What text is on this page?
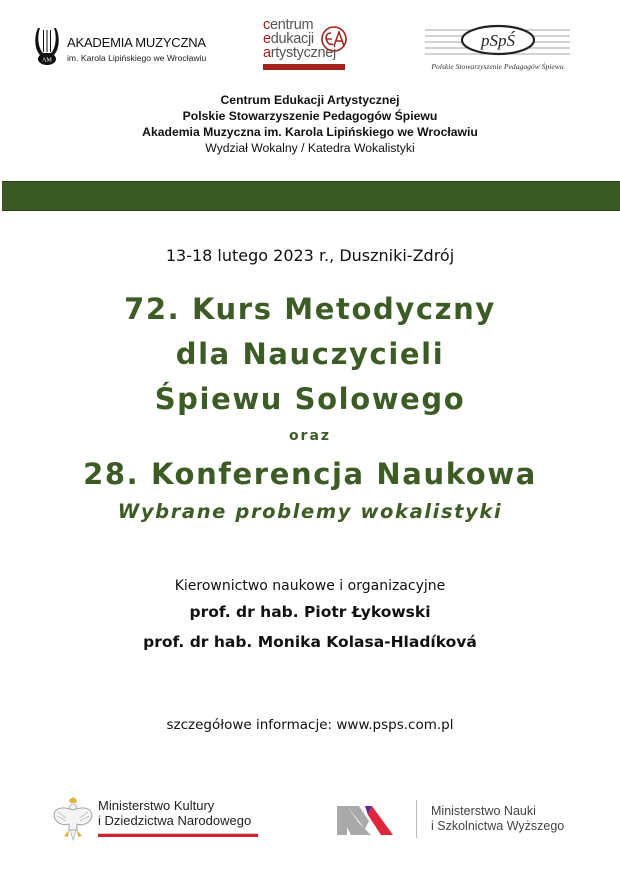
AM
AKADEMIA MUZYCZNA
im. Karola Lipińskiego we Wrocławiu
centrum
edukacji
artystycznej
pSpŚ
Polskie Stowarzyszenie Pedagogów Śpiewu
Centrum Edukacji Artystycznej
Polskie Stowarzyszenie Pedagogów Śpiewu
Akademia Muzyczna im. Karola Lipińskiego we Wrocławiu
Wydział Wokalny / Katedra Wokalistyki
13-18 lutego 2023 r., Duszniki-Zdrój
72. Kurs Metodyczny
dla Nauczycieli
Śpiewu Solowego
oraz
28. Konferencja Naukowa
Wybrane problemy wokalistyki
Kierownictwo naukowe i organizacyjne
prof. dr hab. Piotr Łykowski
prof. dr hab. Monika Kolasa-Hladíková
szczegółowe informacje: www.psps.com.pl
Ministerstwo Kultury
i Dziedzictwa Narodowego
Ministerstwo Nauki
i Szkolnictwa Wyższego
